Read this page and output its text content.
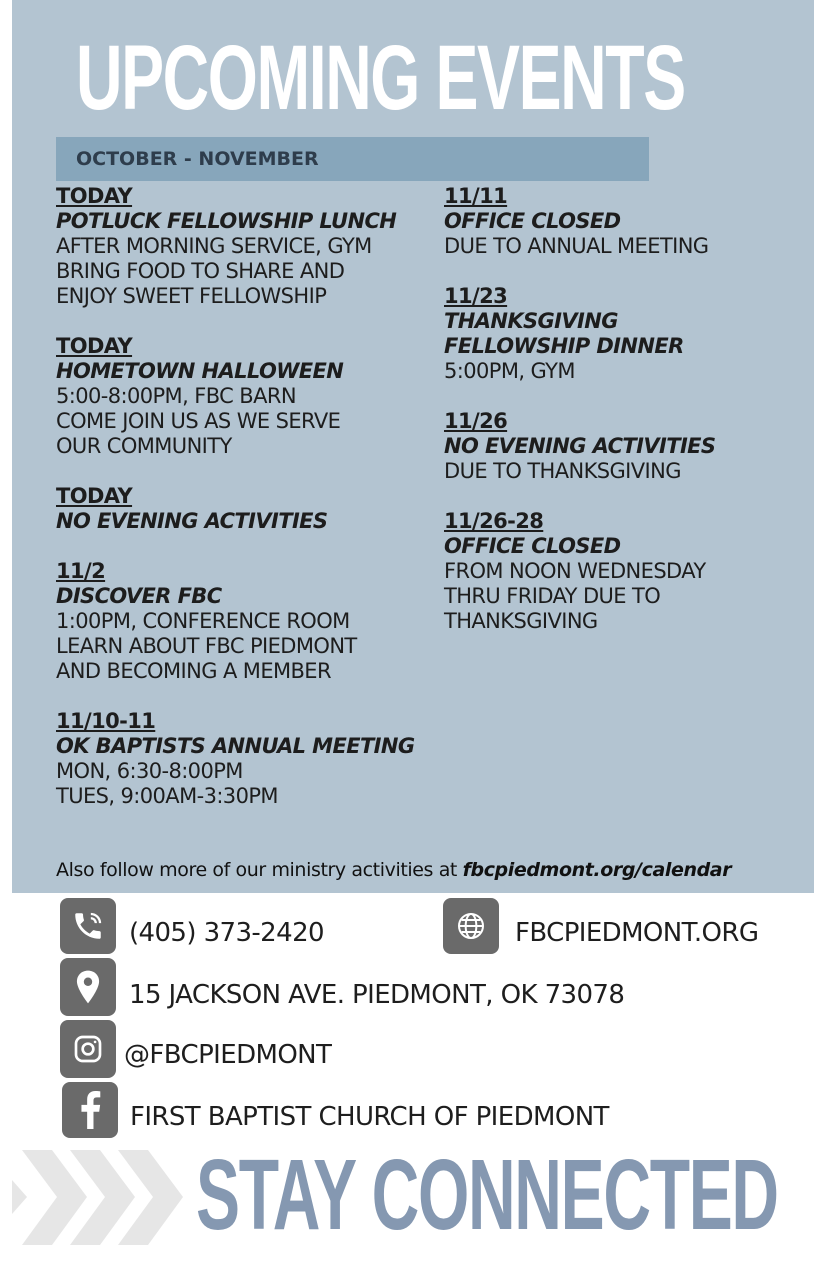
UPCOMING EVENTS
OCTOBER - NOVEMBER
TODAY
POTLUCK FELLOWSHIP LUNCH
AFTER MORNING SERVICE, GYM
BRING FOOD TO SHARE AND
ENJOY SWEET FELLOWSHIP
TODAY
HOMETOWN HALLOWEEN
5:00-8:00PM, FBC BARN
COME JOIN US AS WE SERVE
OUR COMMUNITY
TODAY
NO EVENING ACTIVITIES
11/2
DISCOVER FBC
1:00PM, CONFERENCE ROOM
LEARN ABOUT FBC PIEDMONT
AND BECOMING A MEMBER
11/10-11
OK BAPTISTS ANNUAL MEETING
MON, 6:30-8:00PM
TUES, 9:00AM-3:30PM
11/11
OFFICE CLOSED
DUE TO ANNUAL MEETING
11/23
THANKSGIVING FELLOWSHIP DINNER
5:00PM, GYM
11/26
NO EVENING ACTIVITIES
DUE TO THANKSGIVING
11/26-28
OFFICE CLOSED
FROM NOON WEDNESDAY
THRU FRIDAY DUE TO
THANKSGIVING
Also follow more of our ministry activities at fbcpiedmont.org/calendar
(405) 373-2420	FBCPIEDMONT.ORG
15 JACKSON AVE. PIEDMONT, OK 73078
@FBCPIEDMONT
FIRST BAPTIST CHURCH OF PIEDMONT
STAY CONNECTED
